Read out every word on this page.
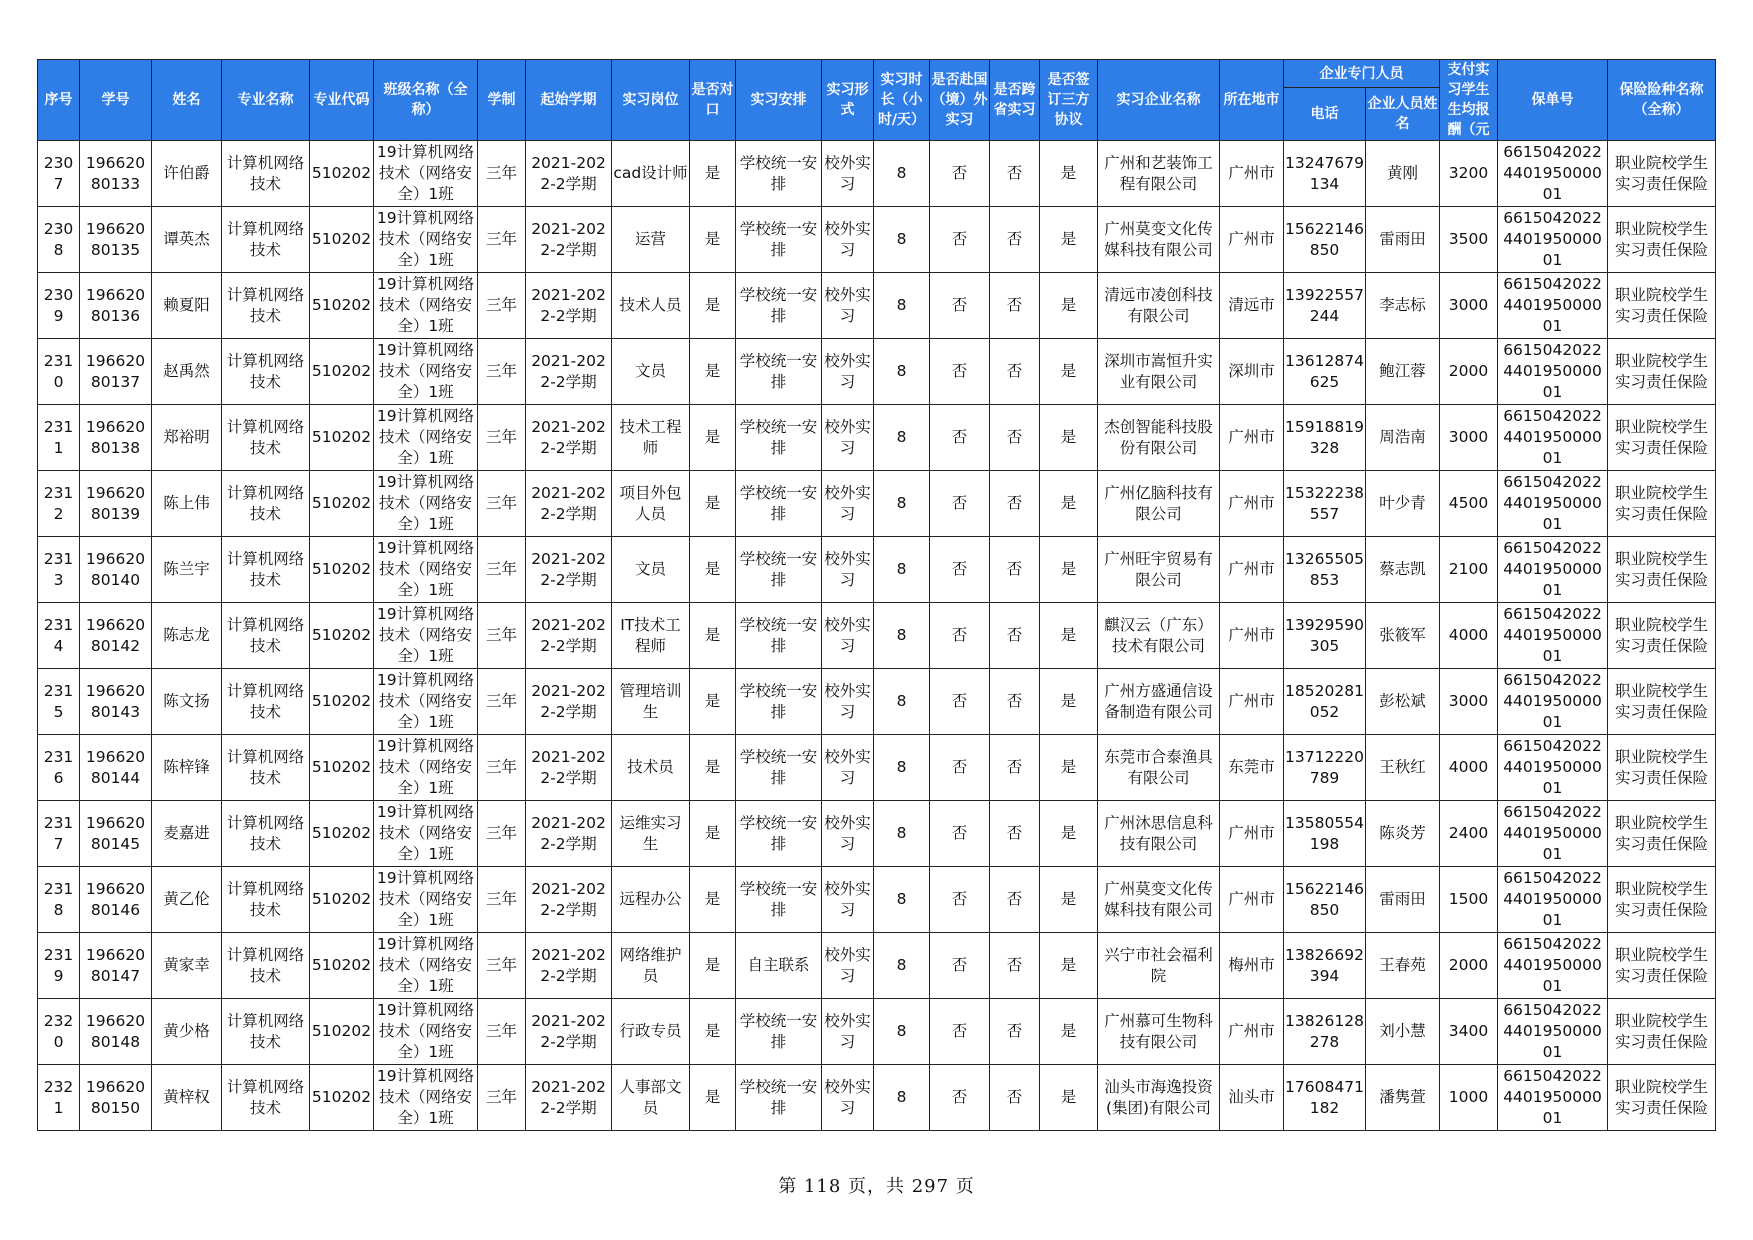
序号	学号	姓名	专业名称	专业代码	班级名称（全称）	学制	起始学期	实习岗位	是否对口	实习安排	实习形式	实习时长（小时/天）	是否赴国（境）外实习	是否跨省实习	是否签订三方协议	实习企业名称	所在地市	企业专门人员		支付实习学生生均报酬（元	保单号	保险险种名称（全称）
																		电话	企业人员姓名			
2307	19662080133	许伯爵	计算机网络技术	510202	19计算机网络技术（网络安全）1班	三年	2021-2022-2学期	cad设计师	是	学校统一安排	校外实习	8	否	否	是	广州和艺装饰工程有限公司	广州市	13247679134	黄刚	3200	6615042022440195000001	职业院校学生实习责任保险
2308	19662080135	谭英杰	计算机网络技术	510202	19计算机网络技术（网络安全）1班	三年	2021-2022-2学期	运营	是	学校统一安排	校外实习	8	否	否	是	广州莫变文化传媒科技有限公司	广州市	15622146850	雷雨田	3500	6615042022440195000001	职业院校学生实习责任保险
2309	19662080136	赖夏阳	计算机网络技术	510202	19计算机网络技术（网络安全）1班	三年	2021-2022-2学期	技术人员	是	学校统一安排	校外实习	8	否	否	是	清远市凌创科技有限公司	清远市	13922557244	李志标	3000	6615042022440195000001	职业院校学生实习责任保险
2310	19662080137	赵禹然	计算机网络技术	510202	19计算机网络技术（网络安全）1班	三年	2021-2022-2学期	文员	是	学校统一安排	校外实习	8	否	否	是	深圳市嵩恒升实业有限公司	深圳市	13612874625	鲍江蓉	2000	6615042022440195000001	职业院校学生实习责任保险
2311	19662080138	郑裕明	计算机网络技术	510202	19计算机网络技术（网络安全）1班	三年	2021-2022-2学期	技术工程师	是	学校统一安排	校外实习	8	否	否	是	杰创智能科技股份有限公司	广州市	15918819328	周浩南	3000	6615042022440195000001	职业院校学生实习责任保险
2312	19662080139	陈上伟	计算机网络技术	510202	19计算机网络技术（网络安全）1班	三年	2021-2022-2学期	项目外包人员	是	学校统一安排	校外实习	8	否	否	是	广州亿脑科技有限公司	广州市	15322238557	叶少青	4500	6615042022440195000001	职业院校学生实习责任保险
2313	19662080140	陈兰宇	计算机网络技术	510202	19计算机网络技术（网络安全）1班	三年	2021-2022-2学期	文员	是	学校统一安排	校外实习	8	否	否	是	广州旺宇贸易有限公司	广州市	13265505853	蔡志凯	2100	6615042022440195000001	职业院校学生实习责任保险
2314	19662080142	陈志龙	计算机网络技术	510202	19计算机网络技术（网络安全）1班	三年	2021-2022-2学期	IT技术工程师	是	学校统一安排	校外实习	8	否	否	是	麒汉云（广东）技术有限公司	广州市	13929590305	张筱军	4000	6615042022440195000001	职业院校学生实习责任保险
2315	19662080143	陈文扬	计算机网络技术	510202	19计算机网络技术（网络安全）1班	三年	2021-2022-2学期	管理培训生	是	学校统一安排	校外实习	8	否	否	是	广州方盛通信设备制造有限公司	广州市	18520281052	彭松斌	3000	6615042022440195000001	职业院校学生实习责任保险
2316	19662080144	陈梓锋	计算机网络技术	510202	19计算机网络技术（网络安全）1班	三年	2021-2022-2学期	技术员	是	学校统一安排	校外实习	8	否	否	是	东莞市合泰渔具有限公司	东莞市	13712220789	王秋红	4000	6615042022440195000001	职业院校学生实习责任保险
2317	19662080145	麦嘉进	计算机网络技术	510202	19计算机网络技术（网络安全）1班	三年	2021-2022-2学期	运维实习生	是	学校统一安排	校外实习	8	否	否	是	广州沐思信息科技有限公司	广州市	13580554198	陈炎芳	2400	6615042022440195000001	职业院校学生实习责任保险
2318	19662080146	黄乙伦	计算机网络技术	510202	19计算机网络技术（网络安全）1班	三年	2021-2022-2学期	远程办公	是	学校统一安排	校外实习	8	否	否	是	广州莫变文化传媒科技有限公司	广州市	15622146850	雷雨田	1500	6615042022440195000001	职业院校学生实习责任保险
2319	19662080147	黄家幸	计算机网络技术	510202	19计算机网络技术（网络安全）1班	三年	2021-2022-2学期	网络维护员	是	自主联系	校外实习	8	否	否	是	兴宁市社会福利院	梅州市	13826692394	王春苑	2000	6615042022440195000001	职业院校学生实习责任保险
2320	19662080148	黄少格	计算机网络技术	510202	19计算机网络技术（网络安全）1班	三年	2021-2022-2学期	行政专员	是	学校统一安排	校外实习	8	否	否	是	广州慕可生物科技有限公司	广州市	13826128278	刘小慧	3400	6615042022440195000001	职业院校学生实习责任保险
2321	19662080150	黄梓权	计算机网络技术	510202	19计算机网络技术（网络安全）1班	三年	2021-2022-2学期	人事部文员	是	学校统一安排	校外实习	8	否	否	是	汕头市海逸投资(集团)有限公司	汕头市	17608471182	潘隽萱	1000	6615042022440195000001	职业院校学生实习责任保险
第 118 页，共 297 页
